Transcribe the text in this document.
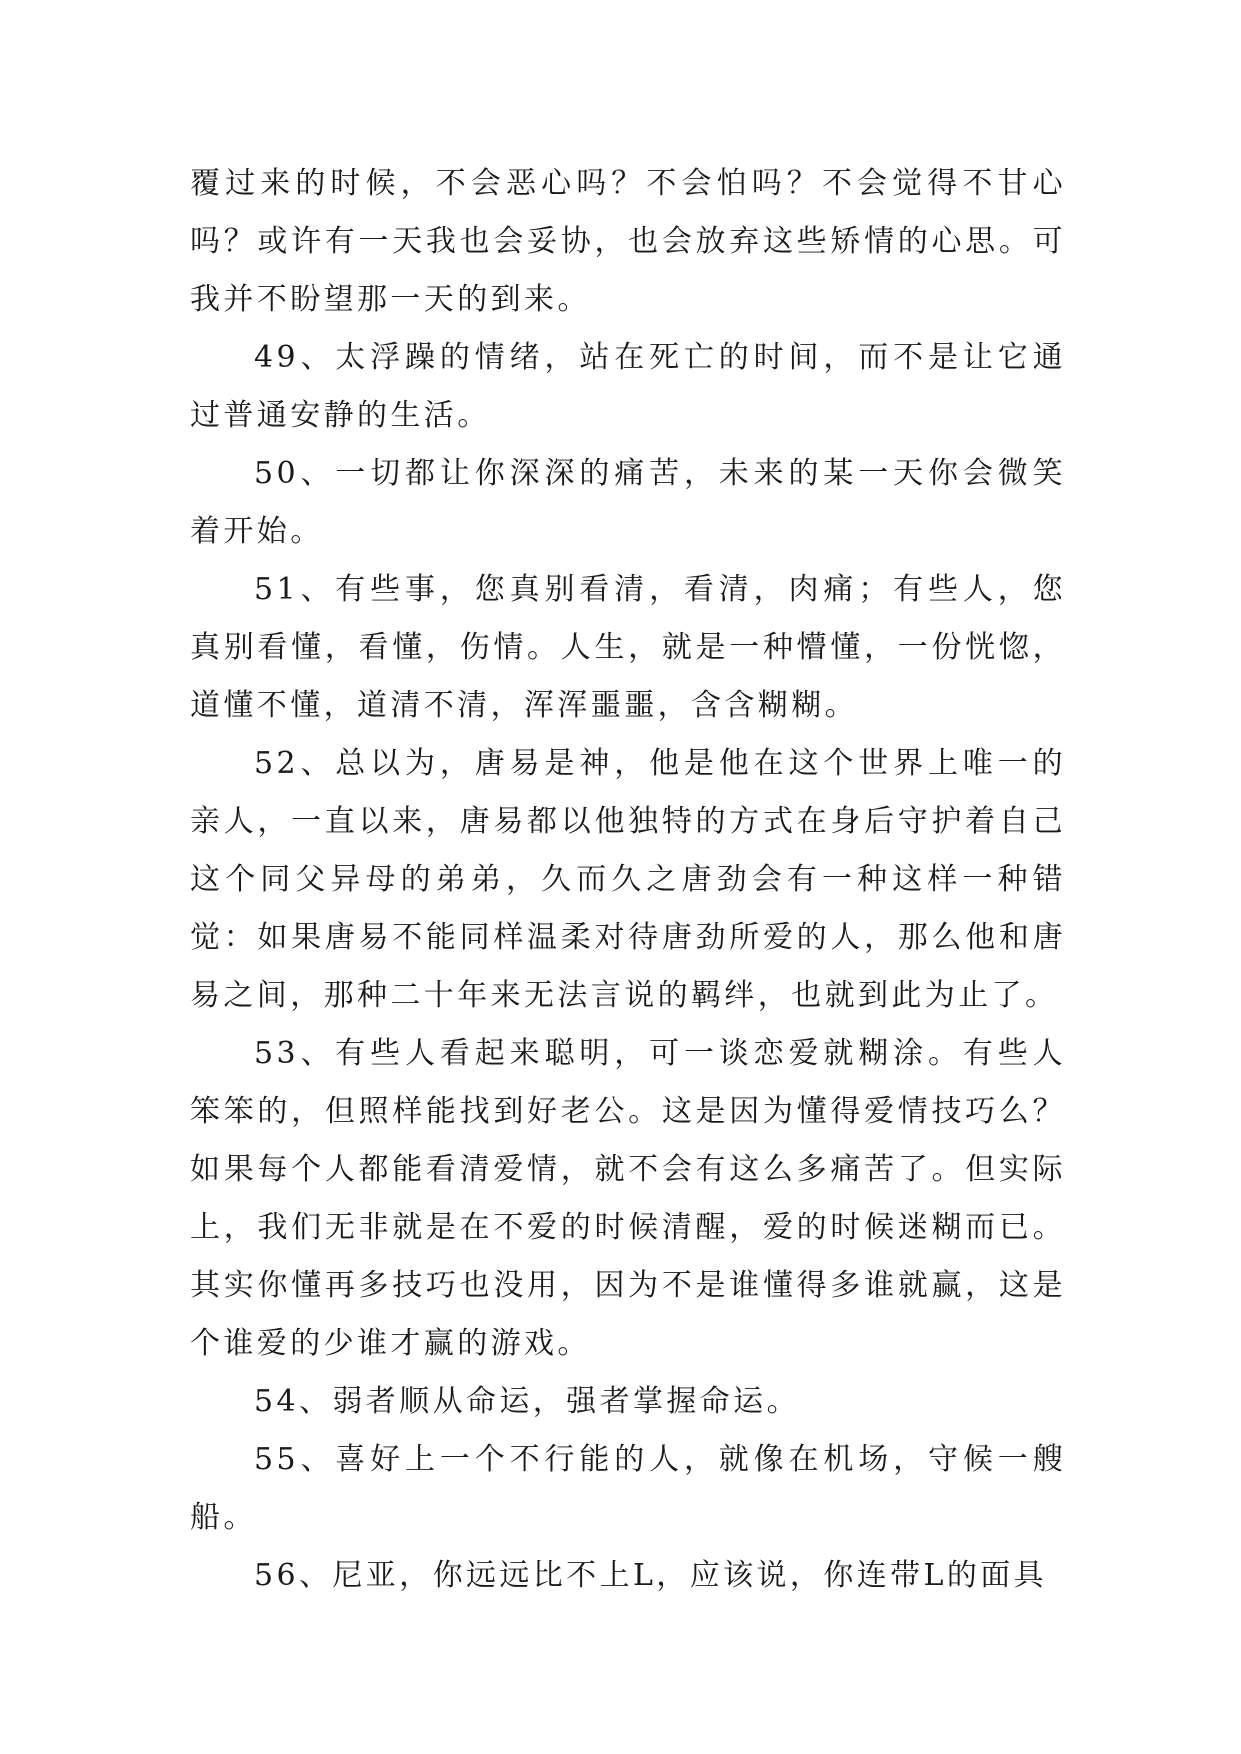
覆过来的时候，不会恶心吗？不会怕吗？不会觉得不甘心吗？或许有一天我也会妥协，也会放弃这些矫情的心思。可我并不盼望那一天的到来。

49、太浮躁的情绪，站在死亡的时间，而不是让它通过普通安静的生活。

50、一切都让你深深的痛苦，未来的某一天你会微笑着开始。

51、有些事，您真别看清，看清，肉痛；有些人，您真别看懂，看懂，伤情。人生，就是一种懵懂，一份恍惚，道懂不懂，道清不清，浑浑噩噩，含含糊糊。

52、总以为，唐易是神，他是他在这个世界上唯一的亲人，一直以来，唐易都以他独特的方式在身后守护着自己这个同父异母的弟弟，久而久之唐劲会有一种这样一种错觉：如果唐易不能同样温柔对待唐劲所爱的人，那么他和唐易之间，那种二十年来无法言说的羁绊，也就到此为止了。

53、有些人看起来聪明，可一谈恋爱就糊涂。有些人笨笨的，但照样能找到好老公。这是因为懂得爱情技巧么？如果每个人都能看清爱情，就不会有这么多痛苦了。但实际上，我们无非就是在不爱的时候清醒，爱的时候迷糊而已。其实你懂再多技巧也没用，因为不是谁懂得多谁就赢，这是个谁爱的少谁才赢的游戏。

54、弱者顺从命运，强者掌握命运。

55、喜好上一个不行能的人，就像在机场，守候一艘船。

56、尼亚，你远远比不上L，应该说，你连带L的面具
